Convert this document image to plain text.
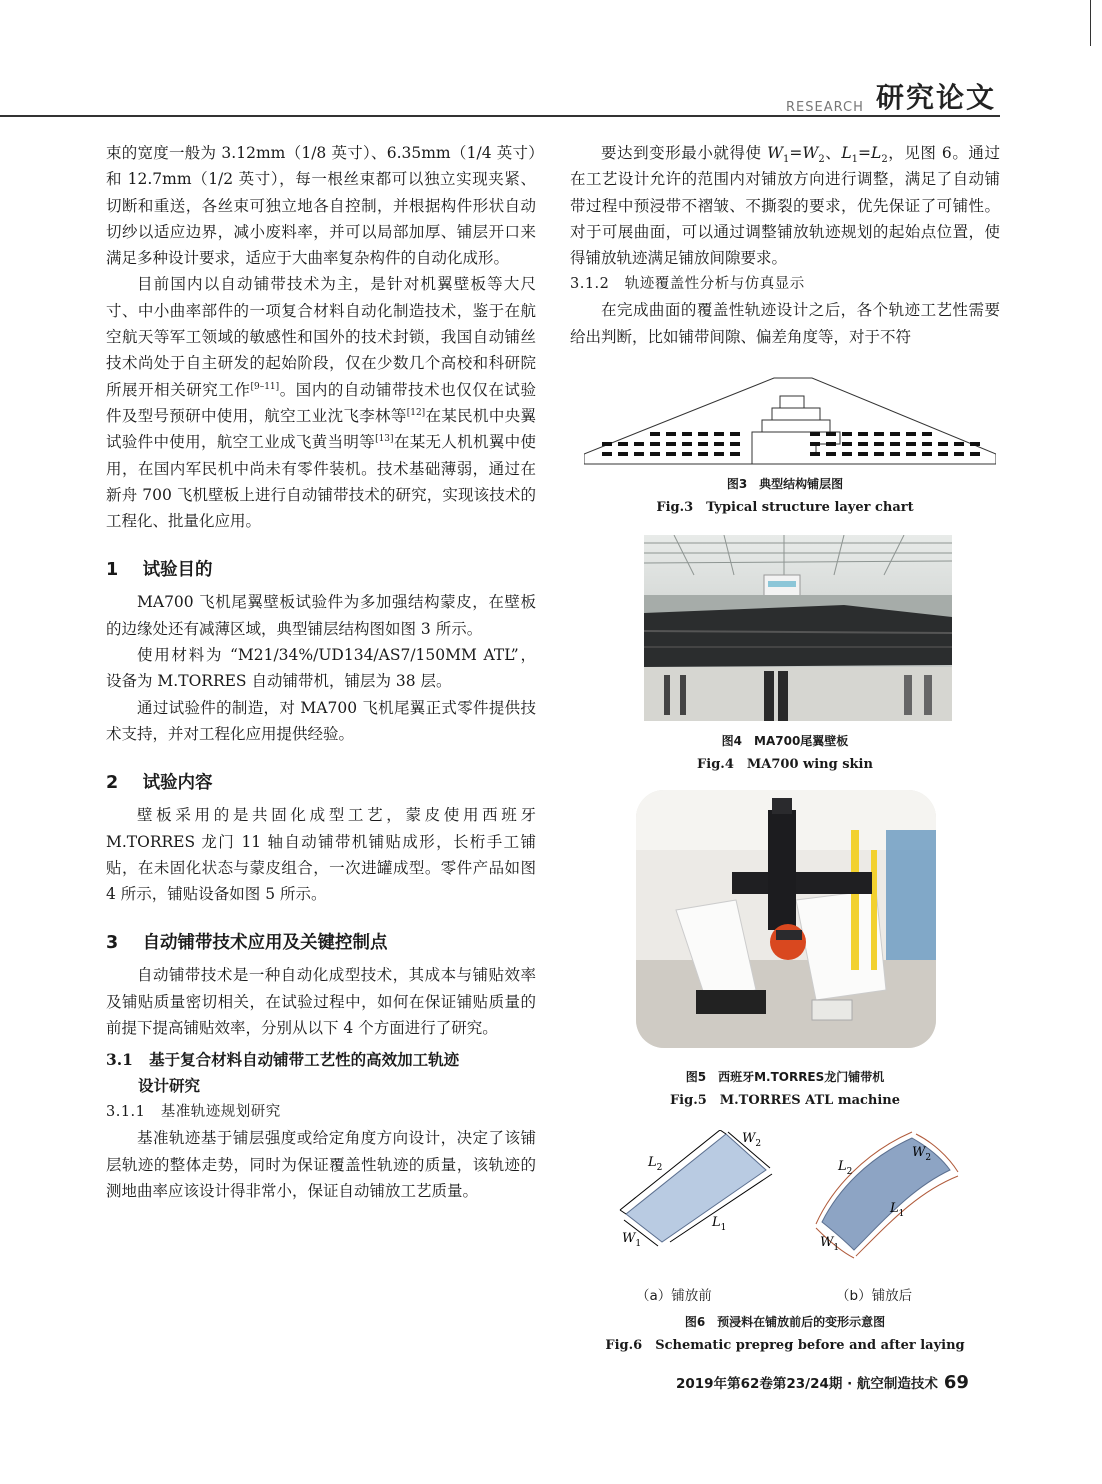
RESEARCH 研究论文

束的宽度一般为 3.12mm（1/8 英寸）、6.35mm（1/4 英寸）和 12.7mm（1/2 英寸），每一根丝束都可以独立实现夹紧、切断和重送，各丝束可独立地各自控制，并根据构件形状自动切纱以适应边界，减小废料率，并可以局部加厚、铺层开口来满足多种设计要求，适应于大曲率复杂构件的自动化成形。

目前国内以自动铺带技术为主，是针对机翼壁板等大尺寸、中小曲率部件的一项复合材料自动化制造技术，鉴于在航空航天等军工领域的敏感性和国外的技术封锁，我国自动铺丝技术尚处于自主研发的起始阶段，仅在少数几个高校和科研院所展开相关研究工作[9–11]。国内的自动铺带技术也仅仅在试验件及型号预研中使用，航空工业沈飞李林等[12]在某民机中央翼试验件中使用，航空工业成飞黄当明等[13]在某无人机机翼中使用，在国内军民机中尚未有零件装机。技术基础薄弱，通过在新舟 700 飞机壁板上进行自动铺带技术的研究，实现该技术的工程化、批量化应用。

1 试验目的

MA700 飞机尾翼壁板试验件为多加强结构蒙皮，在壁板的边缘处还有减薄区域，典型铺层结构图如图 3 所示。

使用材料为 “M21/34%/UD134/AS7/150MM ATL”，设备为 M.TORRES 自动铺带机，铺层为 38 层。

通过试验件的制造，对 MA700 飞机尾翼正式零件提供技术支持，并对工程化应用提供经验。

2 试验内容

壁板采用的是共固化成型工艺，蒙皮使用西班牙 M.TORRES 龙门 11 轴自动铺带机铺贴成形，长桁手工铺贴，在未固化状态与蒙皮组合，一次进罐成型。零件产品如图 4 所示，铺贴设备如图 5 所示。

3 自动铺带技术应用及关键控制点

自动铺带技术是一种自动化成型技术，其成本与铺贴效率及铺贴质量密切相关，在试验过程中，如何在保证铺贴质量的前提下提高铺贴效率，分别从以下 4 个方面进行了研究。

3.1 基于复合材料自动铺带工艺性的高效加工轨迹
设计研究
3.1.1 基准轨迹规划研究

基准轨迹基于铺层强度或给定角度方向设计，决定了该铺层轨迹的整体走势，同时为保证覆盖性轨迹的质量，该轨迹的测地曲率应该设计得非常小，保证自动铺放工艺质量。

要达到变形最小就得使 $W_1=W_2$、$L_1=L_2$，见图 6。通过在工艺设计允许的范围内对铺放方向进行调整，满足了自动铺带过程中预浸带不褶皱、不撕裂的要求，优先保证了可铺性。对于可展曲面，可以通过调整铺放轨迹规划的起始点位置，使得铺放轨迹满足铺放间隙要求。

3.1.2 轨迹覆盖性分析与仿真显示

在完成曲面的覆盖性轨迹设计之后，各个轨迹工艺性需要给出判断，比如铺带间隙、偏差角度等，对于不符

图3　典型结构铺层图
Fig.3　Typical structure layer chart
图4　MA700尾翼壁板
Fig.4　MA700 wing skin
图5　西班牙M.TORRES龙门铺带机
Fig.5　M.TORRES ATL machine
$L_2$
$W_2$
$L_1$
$W_1$
$L_2$
$W_2$
$L_1$
$W_1$
（a）铺放前	（b）铺放后
图6　预浸料在铺放前后的变形示意图
Fig.6　Schematic prepreg before and after laying
2019年第62卷第23/24期 · 航空制造技术 69
